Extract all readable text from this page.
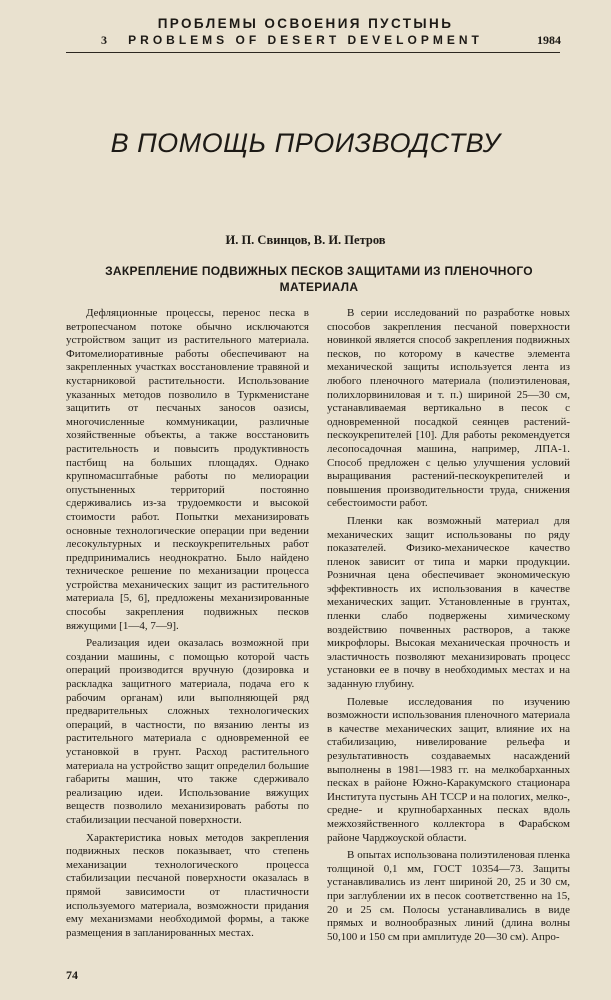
ПРОБЛЕМЫ ОСВОЕНИЯ ПУСТЫНЬ
3	PROBLEMS OF DESERT DEVELOPMENT	1984
В ПОМОЩЬ ПРОИЗВОДСТВУ
И. П. Свинцов, В. И. Петров
ЗАКРЕПЛЕНИЕ ПОДВИЖНЫХ ПЕСКОВ ЗАЩИТАМИ ИЗ ПЛЕНОЧНОГО МАТЕРИАЛА

Дефляционные процессы, перенос песка в ветропесчаном потоке обычно исключаются устройством защит из растительного материала. Фитомелиоративные работы обеспечивают на закрепленных участках восстановление травяной и кустарниковой растительности. Использование указанных методов позволило в Туркменистане защитить от песчаных заносов оазисы, многочисленные коммуникации, различные хозяйственные объекты, а также восстановить растительность и повысить продуктивность пастбищ на больших площадях. Однако крупномасштабные работы по мелиорации опустыненных территорий постоянно сдерживались из-за трудоемкости и высокой стоимости работ. Попытки механизировать основные технологические операции при ведении лесокультурных и пескоукрепительных работ предпринимались неоднократно. Было найдено техническое решение по механизации процесса устройства механических защит из растительного материала [5, 6], предложены механизированные способы закрепления подвижных песков вяжущими [1—4, 7—9].

Реализация идеи оказалась возможной при создании машины, с помощью которой часть операций производится вручную (дозировка и раскладка защитного материала, подача его к рабочим органам) или выполняющей ряд предварительных сложных технологических операций, в частности, по вязанию ленты из растительного материала с одновременной ее установкой в грунт. Расход растительного материала на устройство защит определил большие габариты машин, что также сдерживало реализацию идеи. Использование вяжущих веществ позволило механизировать работы по стабилизации песчаной поверхности.

Характеристика новых методов закрепления подвижных песков показывает, что степень механизации технологического процесса стабилизации песчаной поверхности оказалась в прямой зависимости от пластичности используемого материала, возможности придания ему механизмами необходимой формы, а также размещения в запланированных местах.

В серии исследований по разработке новых способов закрепления песчаной поверхности новинкой является способ закрепления подвижных песков, по которому в качестве элемента механической защиты используется лента из любого пленочного материала (полиэтиленовая, полихлорвиниловая и т. п.) шириной 25—30 см, устанавливаемая вертикально в песок с одновременной посадкой сеянцев растений-пескоукрепителей [10]. Для работы рекомендуется лесопосадочная машина, например, ЛПА-1. Способ предложен с целью улучшения условий выращивания растений-пескоукрепителей и повышения производительности труда, снижения себестоимости работ.

Пленки как возможный материал для механических защит использованы по ряду показателей. Физико-механическое качество пленок зависит от типа и марки продукции. Розничная цена обеспечивает экономическую эффективность их использования в качестве механических защит. Установленные в грунтах, пленки слабо подвержены химическому воздействию почвенных растворов, а также микрофлоры. Высокая механическая прочность и эластичность позволяют механизировать процесс установки ее в почву в необходимых местах и на заданную глубину.

Полевые исследования по изучению возможности использования пленочного материала в качестве механических защит, влияние их на стабилизацию, нивелирование рельефа и результативность создаваемых насаждений выполнены в 1981—1983 гг. на мелкобарханных песках в районе Южно-Каракумского стационара Института пустынь АН ТССР и на пологих, мелко-, средне- и крупнобарханных песках вдоль межхозяйственного коллектора в Фарабском районе Чарджоуской области.

В опытах использована полиэтиленовая пленка толщиной 0,1 мм, ГОСТ 10354—73. Защиты устанавливались из лент шириной 20, 25 и 30 см, при заглублении их в песок соответственно на 15, 20 и 25 см. Полосы устанавливались в виде прямых и волнообразных линий (длина волны 50,100 и 150 см при амплитуде 20—30 см). Апро-

74
